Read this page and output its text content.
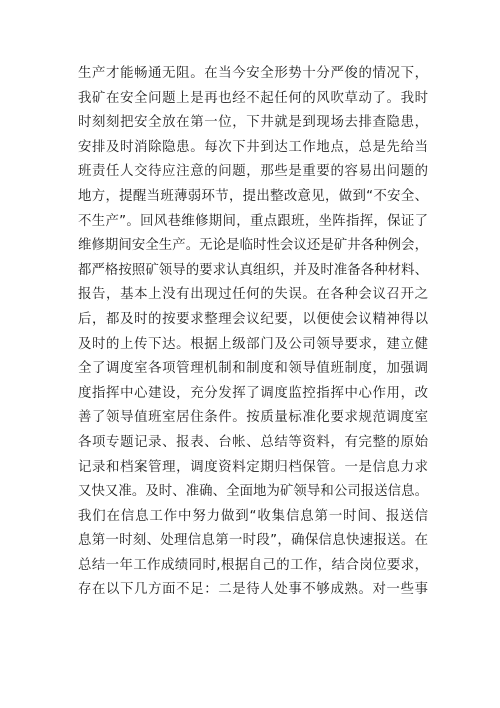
生产才能畅通无阻。在当今安全形势十分严俊的情况下，
我矿在安全问题上是再也经不起任何的风吹草动了。我时
时刻刻把安全放在第一位，下井就是到现场去排查隐患，
安排及时消除隐患。每次下井到达工作地点，总是先给当
班责任人交待应注意的问题，那些是重要的容易出问题的
地方，提醒当班薄弱环节，提出整改意见，做到“不安全、
不生产”。回风巷维修期间，重点跟班，坐阵指挥，保证了
维修期间安全生产。无论是临时性会议还是矿井各种例会，
都严格按照矿领导的要求认真组织，并及时准备各种材料、
报告，基本上没有出现过任何的失误。在各种会议召开之
后，都及时的按要求整理会议纪要，以便使会议精神得以
及时的上传下达。根据上级部门及公司领导要求，建立健
全了调度室各项管理机制和制度和领导值班制度，加强调
度指挥中心建设，充分发挥了调度监控指挥中心作用，改
善了领导值班室居住条件。按质量标准化要求规范调度室
各项专题记录、报表、台帐、总结等资料，有完整的原始
记录和档案管理，调度资料定期归档保管。一是信息力求
又快又准。及时、准确、全面地为矿领导和公司报送信息。
我们在信息工作中努力做到“收集信息第一时间、报送信
息第一时刻、处理信息第一时段”，确保信息快速报送。在
总结一年工作成绩同时,根据自己的工作，结合岗位要求，
存在以下几方面不足：二是待人处事不够成熟。对一些事
